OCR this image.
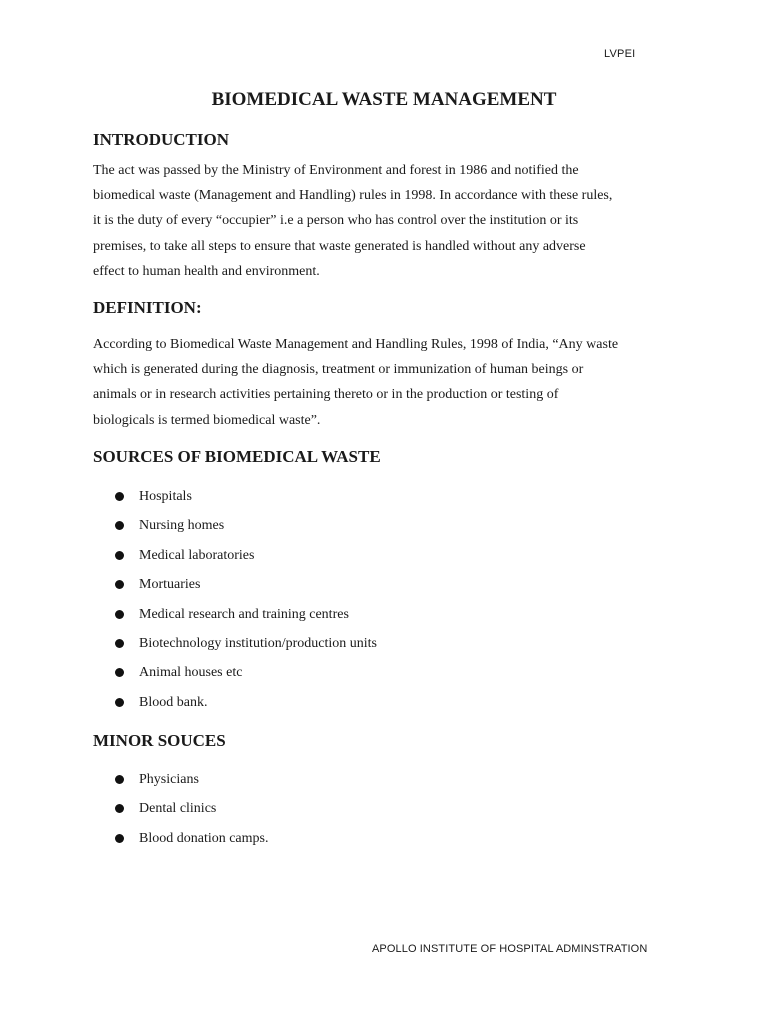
LVPEI
BIOMEDICAL WASTE MANAGEMENT
INTRODUCTION
The act was passed by the Ministry of Environment and forest in 1986 and notified the
biomedical waste (Management and Handling) rules in 1998. In accordance with these rules,
it is the duty of every “occupier” i.e a person who has control over the institution or its
premises, to take all steps to ensure that waste generated is handled without any adverse
effect to human health and environment.
DEFINITION:
According to Biomedical Waste Management and Handling Rules, 1998 of India, “Any waste
which is generated during the diagnosis, treatment or immunization of human beings or
animals or in research activities pertaining thereto or in the production or testing of
biologicals is termed biomedical waste”.
SOURCES OF BIOMEDICAL WASTE
Hospitals
Nursing homes
Medical laboratories
Mortuaries
Medical research and training centres
Biotechnology institution/production units
Animal houses etc
Blood bank.
MINOR SOUCES
Physicians
Dental clinics
Blood donation camps.
APOLLO INSTITUTE OF HOSPITAL ADMINSTRATION
